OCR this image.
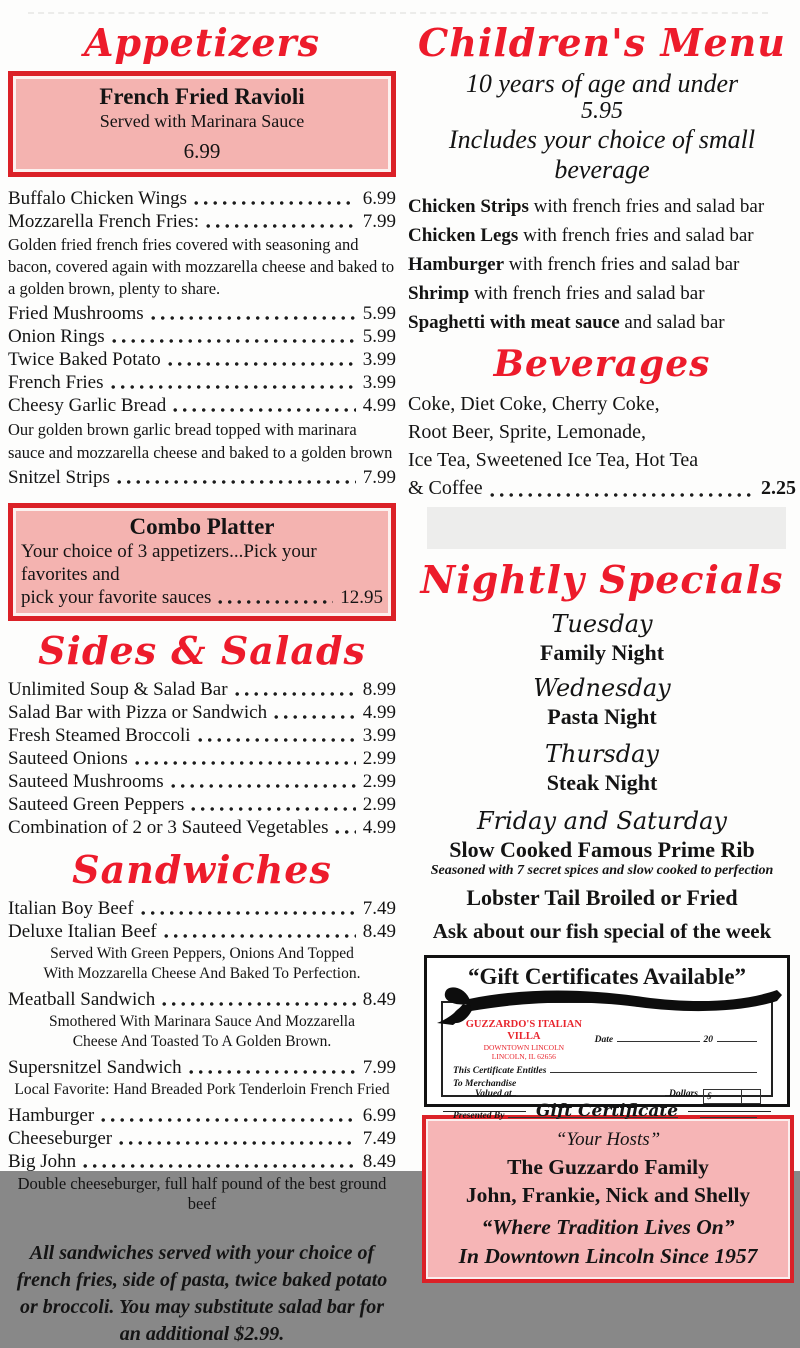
Appetizers
French Fried Ravioli
Served with Marinara Sauce
6.99
Buffalo Chicken Wings	6.99
Mozzarella French Fries:	7.99
Golden fried french fries covered with seasoning and bacon, covered again with mozzarella cheese and baked to a golden brown, plenty to share.
Fried Mushrooms	5.99
Onion Rings	5.99
Twice Baked Potato	3.99
French Fries	3.99
Cheesy Garlic Bread	4.99
Our golden brown garlic bread topped with marinara sauce and mozzarella cheese and baked to a golden brown
Snitzel Strips	7.99
Combo Platter
Your choice of 3 appetizers...Pick your favorites and
pick your favorite sauces	12.95
Sides & Salads
Unlimited Soup & Salad Bar	8.99
Salad Bar with Pizza or Sandwich	4.99
Fresh Steamed Broccoli	3.99
Sauteed Onions	2.99
Sauteed Mushrooms	2.99
Sauteed Green Peppers	2.99
Combination of 2 or 3 Sauteed Vegetables 4.99
Sandwiches
Italian Boy Beef	7.49
Deluxe Italian Beef	8.49
Served With Green Peppers, Onions And Topped With Mozzarella Cheese And Baked To Perfection.
Meatball Sandwich	8.49
Smothered With Marinara Sauce And Mozzarella Cheese And Toasted To A Golden Brown.
Supersnitzel Sandwich	7.99
Local Favorite: Hand Breaded Pork Tenderloin French Fried
Hamburger	6.99
Cheeseburger	7.49
Big John	8.49
Double cheeseburger, full half pound of the best ground beef
All sandwiches served with your choice of french fries, side of pasta, twice baked potato or broccoli. You may substitute salad bar for an additional $2.99.
Children's Menu
10 years of age and under
5.95
Includes your choice of small beverage
Chicken Strips with french fries and salad bar
Chicken Legs with french fries and salad bar
Hamburger with french fries and salad bar
Shrimp with french fries and salad bar
Spaghetti with meat sauce and salad bar
Beverages
Coke, Diet Coke, Cherry Coke,
Root Beer, Sprite, Lemonade,
Ice Tea, Sweetened Ice Tea, Hot Tea
& Coffee	2.25
Nightly Specials
Tuesday
Family Night
Wednesday
Pasta Night
Thursday
Steak Night
Friday and Saturday
Slow Cooked Famous Prime Rib
Seasoned with 7 secret spices and slow cooked to perfection
Lobster Tail Broiled or Fried
Ask about our fish special of the week
“Gift Certificates Available”
GUZZARDO'S ITALIAN VILLA
DOWNTOWN LINCOLN
LINCOLN, IL 62656
Date	20
This Certificate Entitles
To Merchandise
Valued at	Dollars	$
Presented By	Gift Certificate
“Your Hosts”
The Guzzardo Family
John, Frankie, Nick and Shelly
“Where Tradition Lives On”
In Downtown Lincoln Since 1957
